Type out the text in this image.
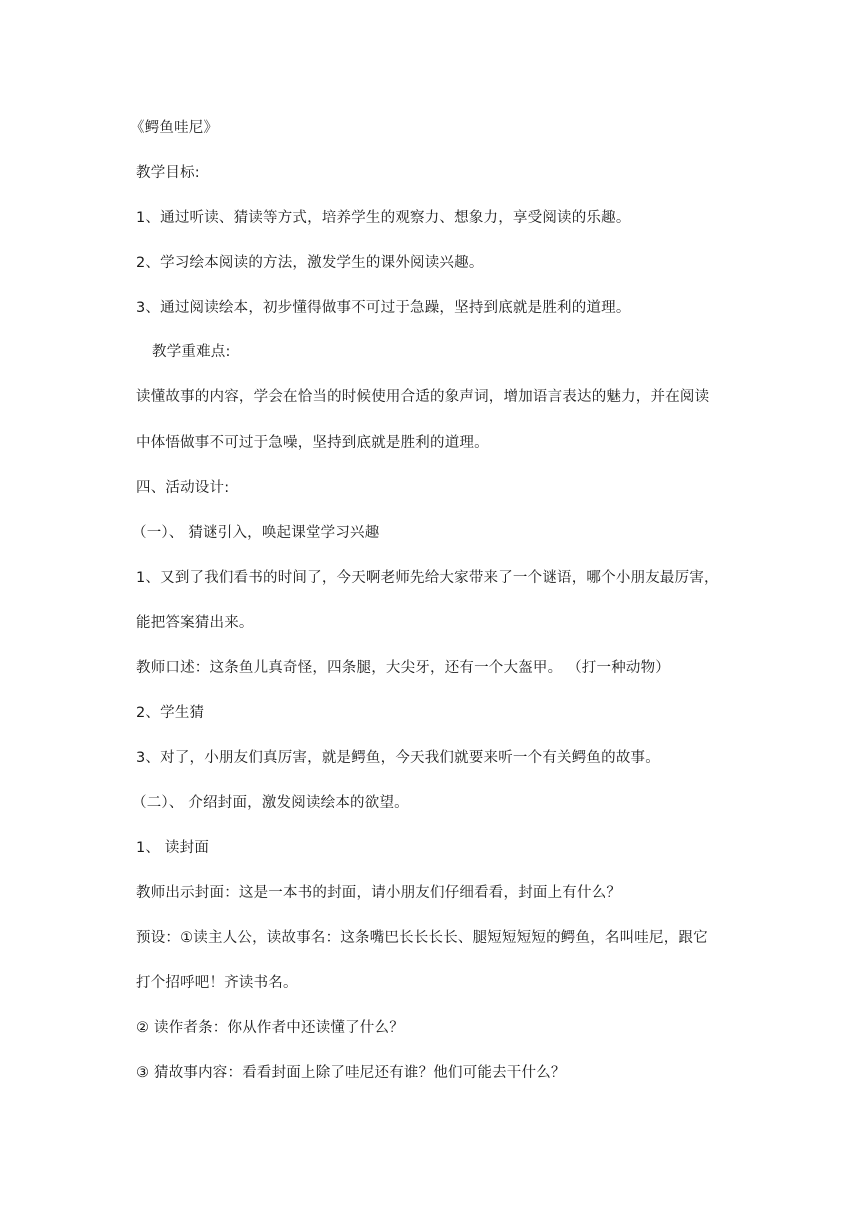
《鳄鱼哇尼》
教学目标:
1、通过听读、猜读等方式，培养学生的观察力、想象力，享受阅读的乐趣。
2、学习绘本阅读的方法，激发学生的课外阅读兴趣。
3、通过阅读绘本，初步懂得做事不可过于急躁，坚持到底就是胜利的道理。
教学重难点:
读懂故事的内容，学会在恰当的时候使用合适的象声词，增加语言表达的魅力，并在阅读
中体悟做事不可过于急噪，坚持到底就是胜利的道理。
四、活动设计:
（一）、 猜谜引入，唤起课堂学习兴趣
1、又到了我们看书的时间了，今天啊老师先给大家带来了一个谜语，哪个小朋友最厉害，
能把答案猜出来。
教师口述：这条鱼儿真奇怪，四条腿，大尖牙，还有一个大盔甲。 （打一种动物）
2、学生猜
3、对了，小朋友们真厉害，就是鳄鱼，今天我们就要来听一个有关鳄鱼的故事。
（二）、 介绍封面，激发阅读绘本的欲望。
1、 读封面
教师出示封面：这是一本书的封面，请小朋友们仔细看看，封面上有什么？
预设：①读主人公，读故事名：这条嘴巴长长长长、腿短短短短的鳄鱼，名叫哇尼，跟它
打个招呼吧！齐读书名。
② 读作者条：你从作者中还读懂了什么？
③ 猜故事内容：看看封面上除了哇尼还有谁？他们可能去干什么？
